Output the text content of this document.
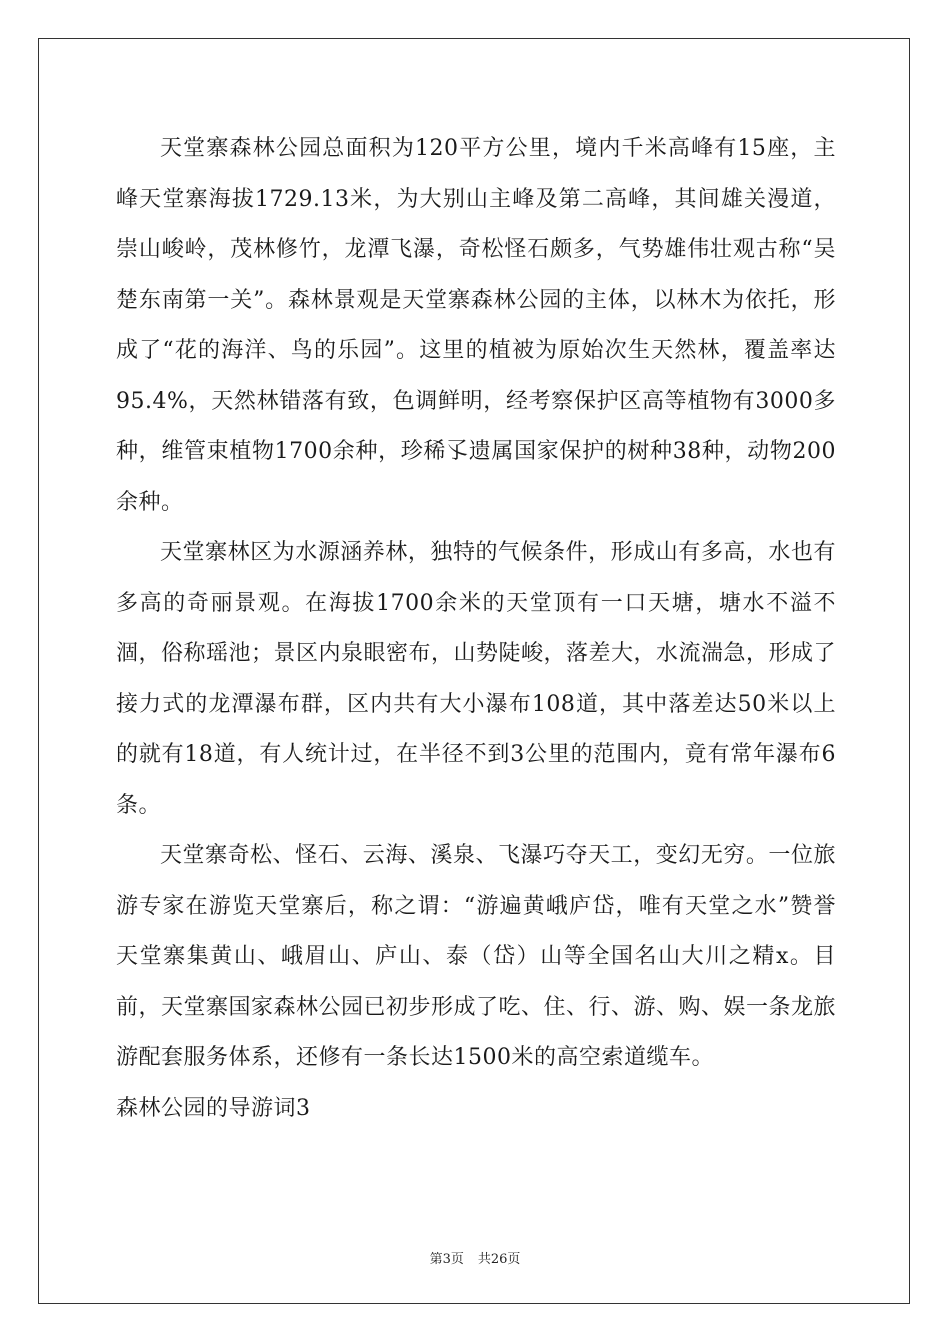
天堂寨森林公园总面积为120平方公里，境内千米高峰有15座，主峰天堂寨海拔1729.13米，为大别山主峰及第二高峰，其间雄关漫道，崇山峻岭，茂林修竹，龙潭飞瀑，奇松怪石颇多，气势雄伟壮观古称“吴楚东南第一关”。森林景观是天堂寨森林公园的主体，以林木为依托，形成了“花的海洋、鸟的乐园”。这里的植被为原始次生天然林，覆盖率达95.4%，天然林错落有致，色调鲜明，经考察保护区高等植物有3000多种，维管束植物1700余种，珍稀孓遗属国家保护的树种38种，动物200余种。

天堂寨林区为水源涵养林，独特的气候条件，形成山有多高，水也有多高的奇丽景观。在海拔1700余米的天堂顶有一口天塘，塘水不溢不涸，俗称瑶池；景区内泉眼密布，山势陡峻，落差大，水流湍急，形成了接力式的龙潭瀑布群，区内共有大小瀑布108道，其中落差达50米以上的就有18道，有人统计过，在半径不到3公里的范围内，竟有常年瀑布6条。

天堂寨奇松、怪石、云海、溪泉、飞瀑巧夺天工，变幻无穷。一位旅游专家在游览天堂寨后，称之谓：“游遍黄峨庐岱，唯有天堂之水”赞誉天堂寨集黄山、峨眉山、庐山、泰（岱）山等全国名山大川之精x。目前，天堂寨国家森林公园已初步形成了吃、住、行、游、购、娱一条龙旅游配套服务体系，还修有一条长达1500米的高空索道缆车。

森林公园的导游词3

第3页 共26页
